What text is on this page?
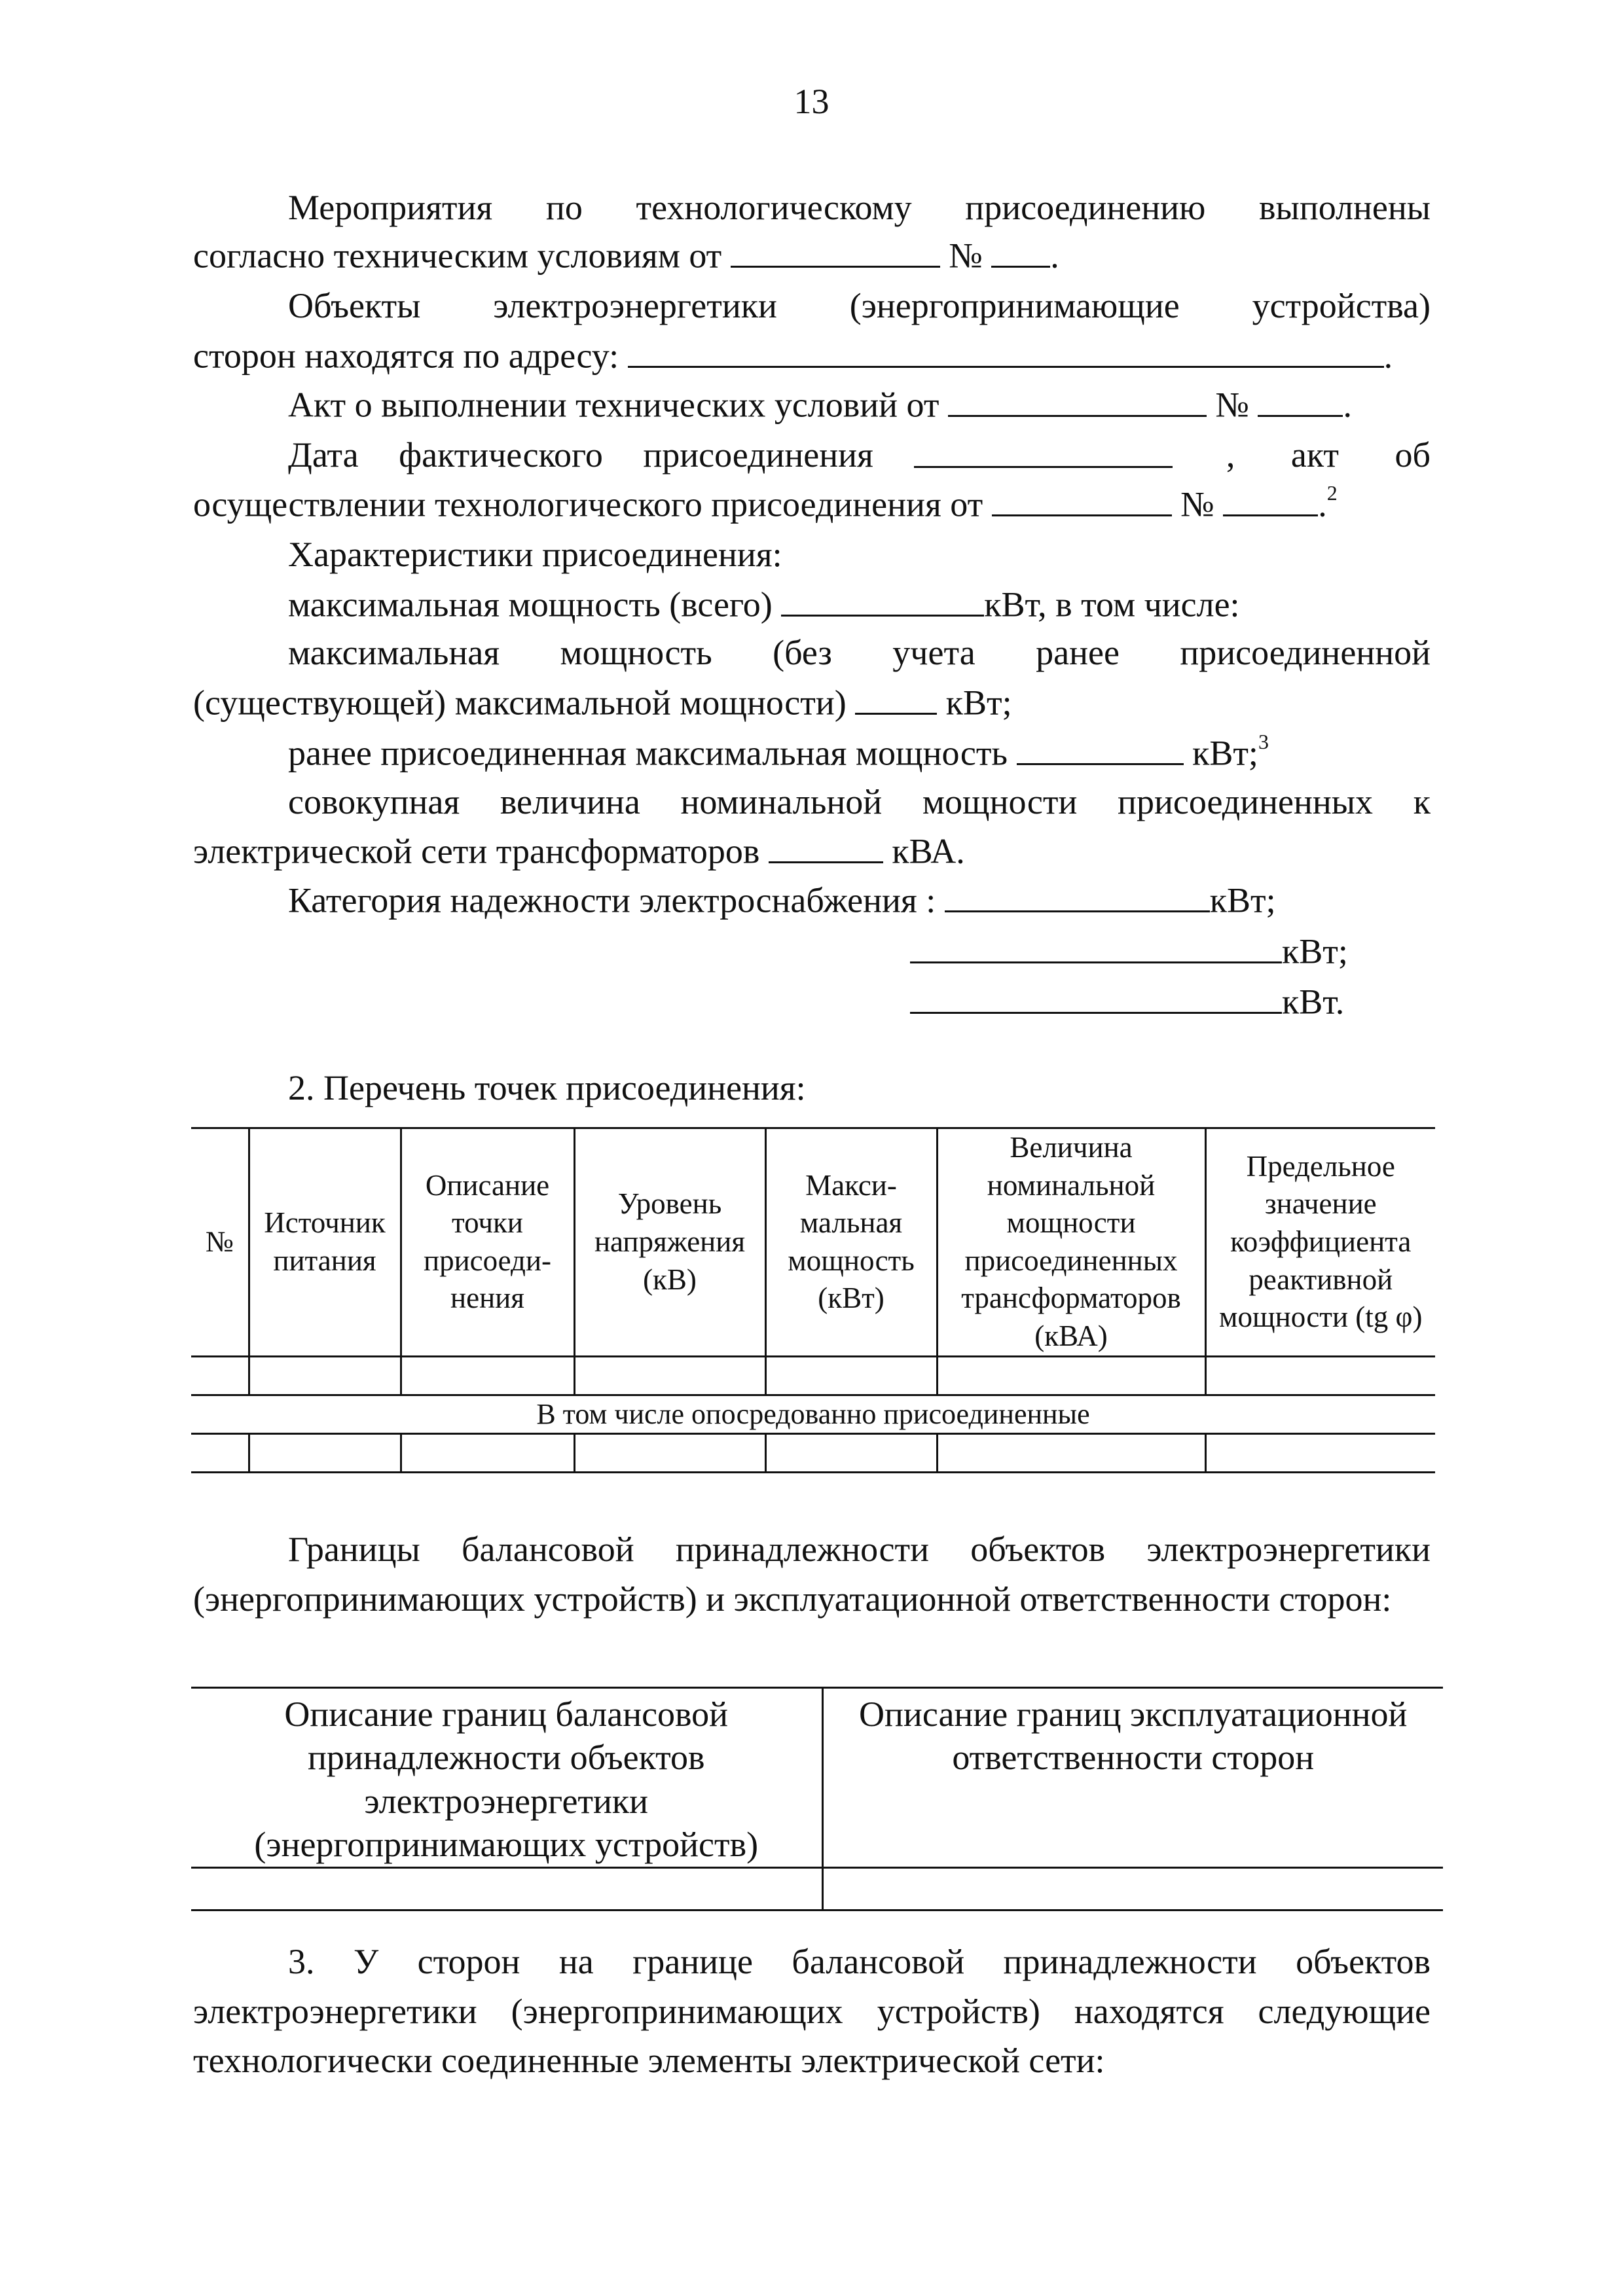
13
Мероприятия по технологическому присоединению выполнены
согласно техническим условиям от	№ .
Объекты электроэнергетики (энергопринимающие устройства)
сторон находятся по адресу:	.
Акт о выполнении технических условий от	№	.
Дата фактического присоединения	, акт об
осуществлении технологического присоединения от	№	.$^2$
Характеристики присоединения:
максимальная мощность (всего)	кВт, в том числе:
максимальная мощность (без учета ранее присоединенной
(существующей) максимальной мощности)	кВт;
ранее присоединенная максимальная мощность	кВт;$^3$
совокупная величина номинальной мощности присоединенных к
электрической сети трансформаторов	кВА.
Категория надежности электроснабжения :	кВт;
кВт;
кВт.
2. Перечень точек присоединения:
№	Источник питания	Описание точки присоеди-нения	Уровень напряжения (кВ)	Макси-мальная мощность (кВт)	Величина номинальной мощности присоединенных трансформаторов (кВА)	Предельное значение коэффициента реактивной мощности (tg φ)

В том числе опосредованно присоединенные						

Границы балансовой принадлежности объектов электроэнергетики (энергопринимающих устройств) и эксплуатационной ответственности сторон:
Описание границ балансовой принадлежности объектов электроэнергетики (энергопринимающих устройств)	Описание границ эксплуатационной ответственности сторон

3. У сторон на границе балансовой принадлежности объектов электроэнергетики (энергопринимающих устройств) находятся следующие технологически соединенные элементы электрической сети:
